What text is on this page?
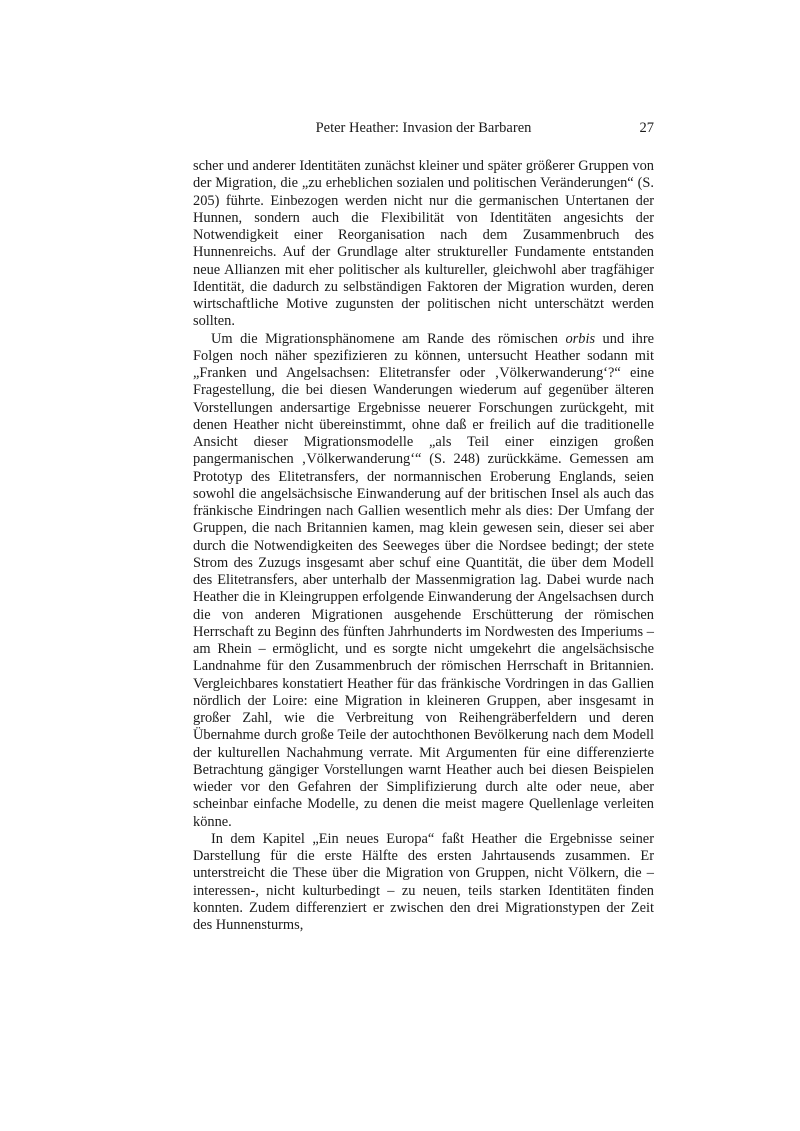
Peter Heather: Invasion der Barbaren	27

scher und anderer Identitäten zunächst kleiner und später größerer Gruppen von der Migration, die „zu erheblichen sozialen und politischen Veränderungen“ (S. 205) führte. Einbezogen werden nicht nur die germanischen Untertanen der Hunnen, sondern auch die Flexibilität von Identitäten angesichts der Notwendigkeit einer Reorganisation nach dem Zusammenbruch des Hunnenreichs. Auf der Grundlage alter struktureller Fundamente entstanden neue Allianzen mit eher politischer als kultureller, gleichwohl aber tragfähiger Identität, die dadurch zu selbständigen Faktoren der Migration wurden, deren wirtschaftliche Motive zugunsten der politischen nicht unterschätzt werden sollten.

Um die Migrationsphänomene am Rande des römischen orbis und ihre Folgen noch näher spezifizieren zu können, untersucht Heather sodann mit „Franken und Angelsachsen: Elitetransfer oder ‚Völkerwanderung‘?“ eine Fragestellung, die bei diesen Wanderungen wiederum auf gegenüber älteren Vorstellungen andersartige Ergebnisse neuerer Forschungen zurückgeht, mit denen Heather nicht übereinstimmt, ohne daß er freilich auf die traditionelle Ansicht dieser Migrationsmodelle „als Teil einer einzigen großen pangermanischen ‚Völkerwanderung‘“ (S. 248) zurückkäme. Gemessen am Prototyp des Elitetransfers, der normannischen Eroberung Englands, seien sowohl die angelsächsische Einwanderung auf der britischen Insel als auch das fränkische Eindringen nach Gallien wesentlich mehr als dies: Der Umfang der Gruppen, die nach Britannien kamen, mag klein gewesen sein, dieser sei aber durch die Notwendigkeiten des Seeweges über die Nordsee bedingt; der stete Strom des Zuzugs insgesamt aber schuf eine Quantität, die über dem Modell des Elitetransfers, aber unterhalb der Massenmigration lag. Dabei wurde nach Heather die in Kleingruppen erfolgende Einwanderung der Angelsachsen durch die von anderen Migrationen ausgehende Erschütterung der römischen Herrschaft zu Beginn des fünften Jahrhunderts im Nordwesten des Imperiums – am Rhein – ermöglicht, und es sorgte nicht umgekehrt die angelsächsische Landnahme für den Zusammenbruch der römischen Herrschaft in Britannien. Vergleichbares konstatiert Heather für das fränkische Vordringen in das Gallien nördlich der Loire: eine Migration in kleineren Gruppen, aber insgesamt in großer Zahl, wie die Verbreitung von Reihengräberfeldern und deren Übernahme durch große Teile der autochthonen Bevölkerung nach dem Modell der kulturellen Nachahmung verrate. Mit Argumenten für eine differenzierte Betrachtung gängiger Vorstellungen warnt Heather auch bei diesen Beispielen wieder vor den Gefahren der Simplifizierung durch alte oder neue, aber scheinbar einfache Modelle, zu denen die meist magere Quellenlage verleiten könne.

In dem Kapitel „Ein neues Europa“ faßt Heather die Ergebnisse seiner Darstellung für die erste Hälfte des ersten Jahrtausends zusammen. Er unterstreicht die These über die Migration von Gruppen, nicht Völkern, die – interessen-, nicht kulturbedingt – zu neuen, teils starken Identitäten finden konnten. Zudem differenziert er zwischen den drei Migrationstypen der Zeit des Hunnensturms,
